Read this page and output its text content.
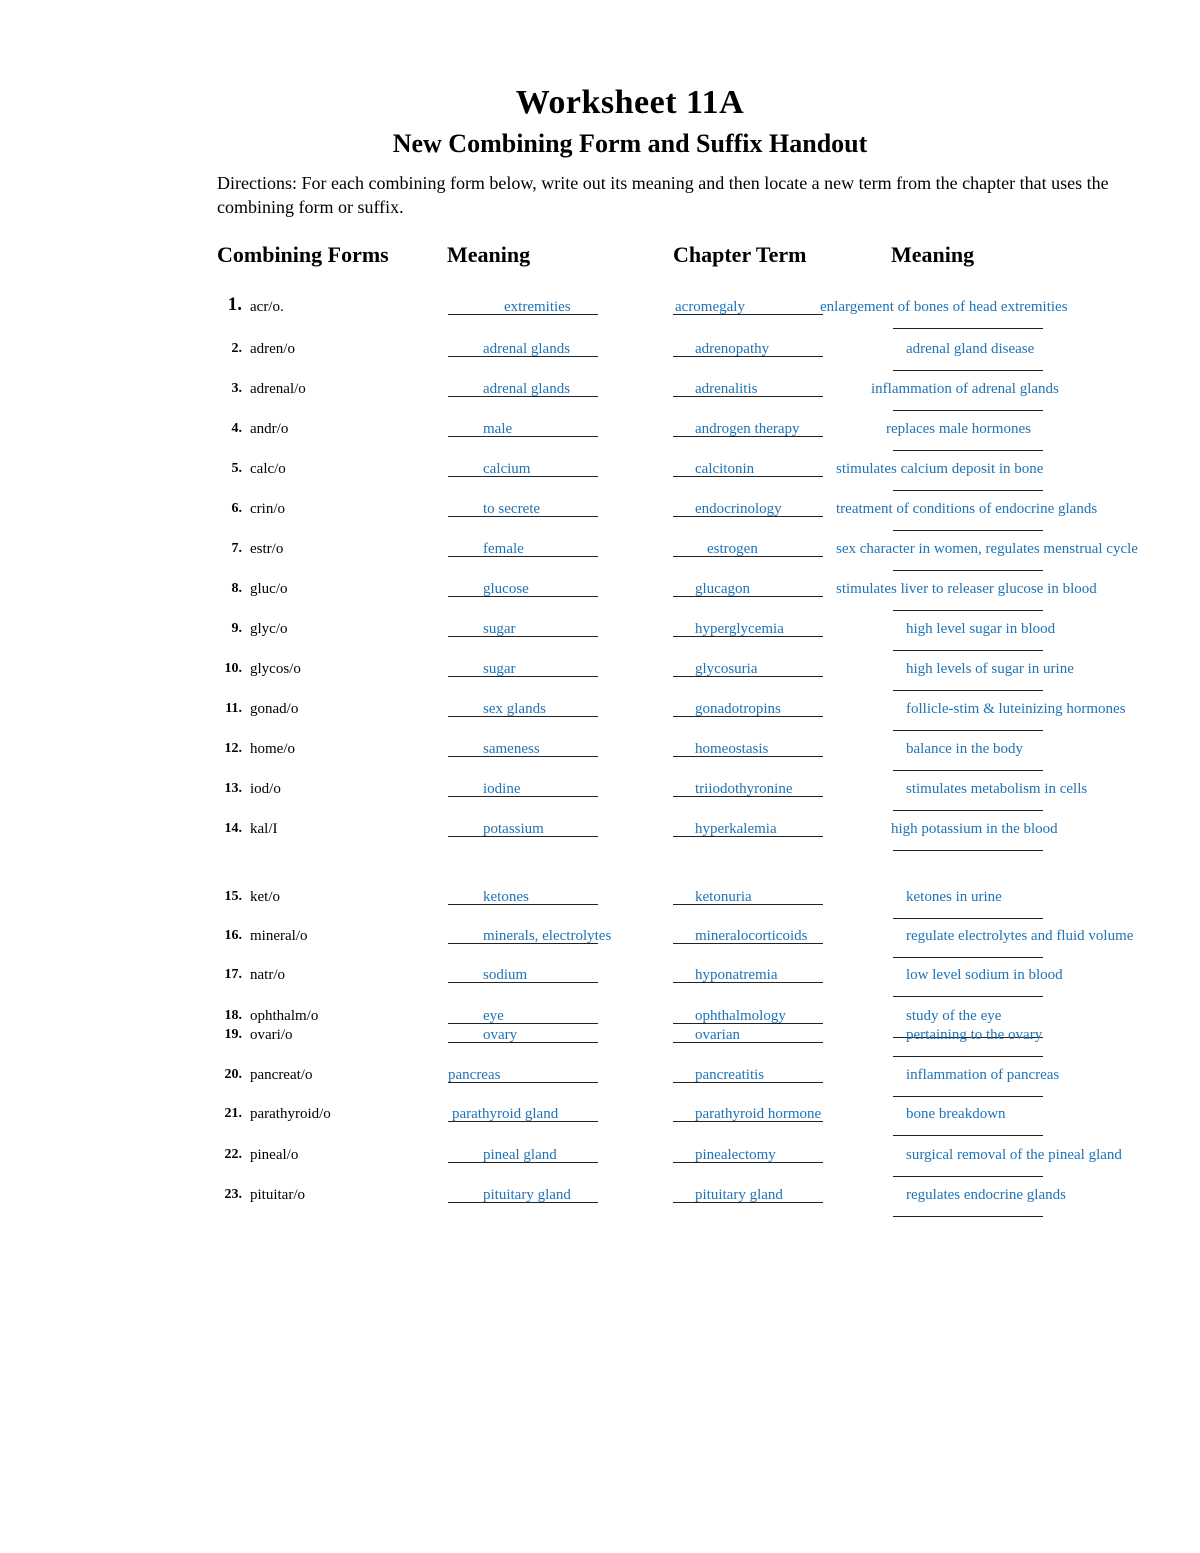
Worksheet 11A
New Combining Form and Suffix Handout
Directions: For each combining form below, write out its meaning and then locate a new term from the chapter that uses the combining form or suffix.
Combining Forms	Meaning	Chapter Term	Meaning
1. acr/o.	extremities	acromegaly	enlargement of bones of head extremities
2. adren/o	adrenal glands	adrenopathy	adrenal gland disease
3. adrenal/o	adrenal glands	adrenalitis	inflammation of adrenal glands
4. andr/o	male	androgen therapy	replaces male hormones
5. calc/o	calcium	calcitonin	stimulates calcium deposit in bone
6. crin/o	to secrete	endocrinology	treatment of conditions of endocrine glands
7. estr/o	female	estrogen	sex character in women, regulates menstrual cycle
8. gluc/o	glucose	glucagon	stimulates liver to releaser glucose in blood
9. glyc/o	sugar	hyperglycemia	high level sugar in blood
10. glycos/o	sugar	glycosuria	high levels of sugar in urine
11. gonad/o	sex glands	gonadotropins	follicle-stim & luteinizing hormones
12. home/o	sameness	homeostasis	balance in the body
13. iod/o	iodine	triiodothyronine	stimulates metabolism in cells
14. kal/I	potassium	hyperkalemia	high potassium in the blood
15. ket/o	ketones	ketonuria	ketones in urine
16. mineral/o	minerals, electrolytes	mineralocorticoids	regulate electrolytes and fluid volume
17. natr/o	sodium	hyponatremia	low level sodium in blood
18. ophthalm/o	eye	ophthalmology	study of the eye
19. ovari/o	ovary	ovarian	pertaining to the ovary
20. pancreat/o	pancreas	pancreatitis	inflammation of pancreas
21. parathyroid/o	parathyroid gland	parathyroid hormone	bone breakdown
22. pineal/o	pineal gland	pinealectomy	surgical removal of the pineal gland
23. pituitar/o	pituitary gland	pituitary gland	regulates endocrine glands
